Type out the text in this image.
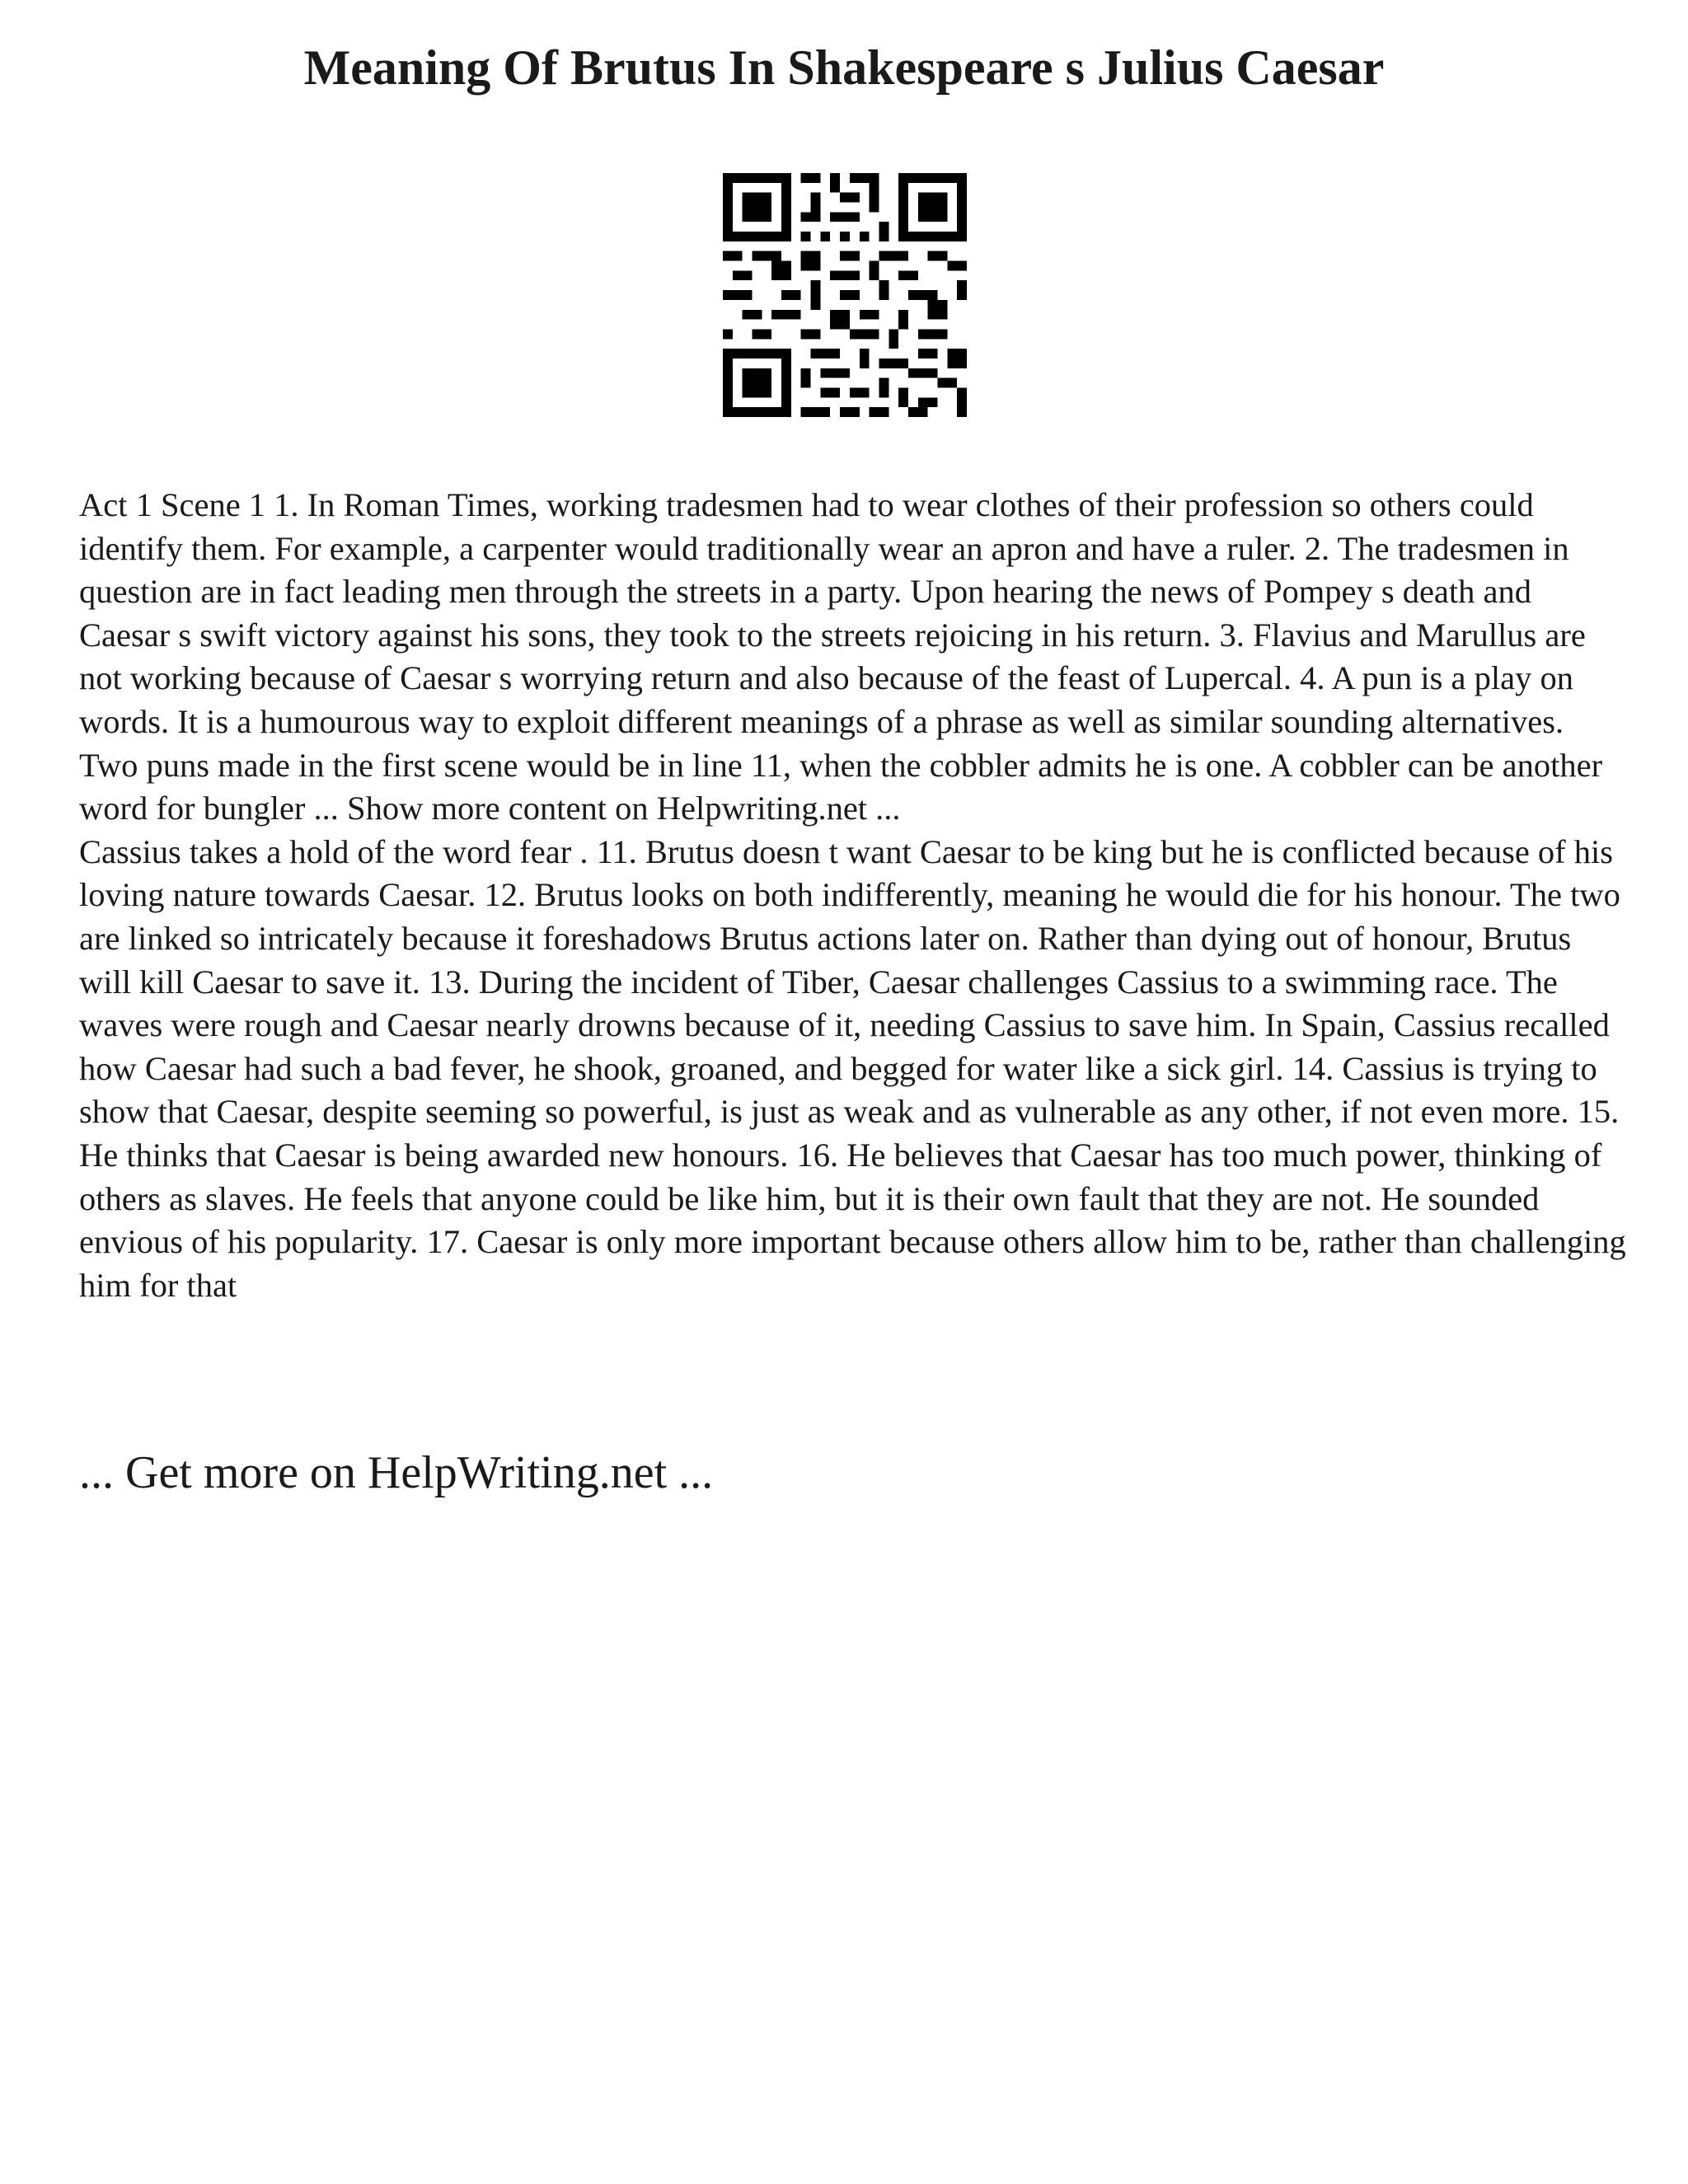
Meaning Of Brutus In Shakespeare s Julius Caesar

Act 1 Scene 1 1. In Roman Times, working tradesmen had to wear clothes of their profession so others could identify them. For example, a carpenter would traditionally wear an apron and have a ruler. 2. The tradesmen in question are in fact leading men through the streets in a party. Upon hearing the news of Pompey s death and Caesar s swift victory against his sons, they took to the streets rejoicing in his return. 3. Flavius and Marullus are not working because of Caesar s worrying return and also because of the feast of Lupercal. 4. A pun is a play on words. It is a humourous way to exploit different meanings of a phrase as well as similar sounding alternatives. Two puns made in the first scene would be in line 11, when the cobbler admits he is one. A cobbler can be another word for bungler ... Show more content on Helpwriting.net ...

Cassius takes a hold of the word fear . 11. Brutus doesn t want Caesar to be king but he is conflicted because of his loving nature towards Caesar. 12. Brutus looks on both indifferently, meaning he would die for his honour. The two are linked so intricately because it foreshadows Brutus actions later on. Rather than dying out of honour, Brutus will kill Caesar to save it. 13. During the incident of Tiber, Caesar challenges Cassius to a swimming race. The waves were rough and Caesar nearly drowns because of it, needing Cassius to save him. In Spain, Cassius recalled how Caesar had such a bad fever, he shook, groaned, and begged for water like a sick girl. 14. Cassius is trying to show that Caesar, despite seeming so powerful, is just as weak and as vulnerable as any other, if not even more. 15. He thinks that Caesar is being awarded new honours. 16. He believes that Caesar has too much power, thinking of others as slaves. He feels that anyone could be like him, but it is their own fault that they are not. He sounded envious of his popularity. 17. Caesar is only more important because others allow him to be, rather than challenging him for that

... Get more on HelpWriting.net ...
